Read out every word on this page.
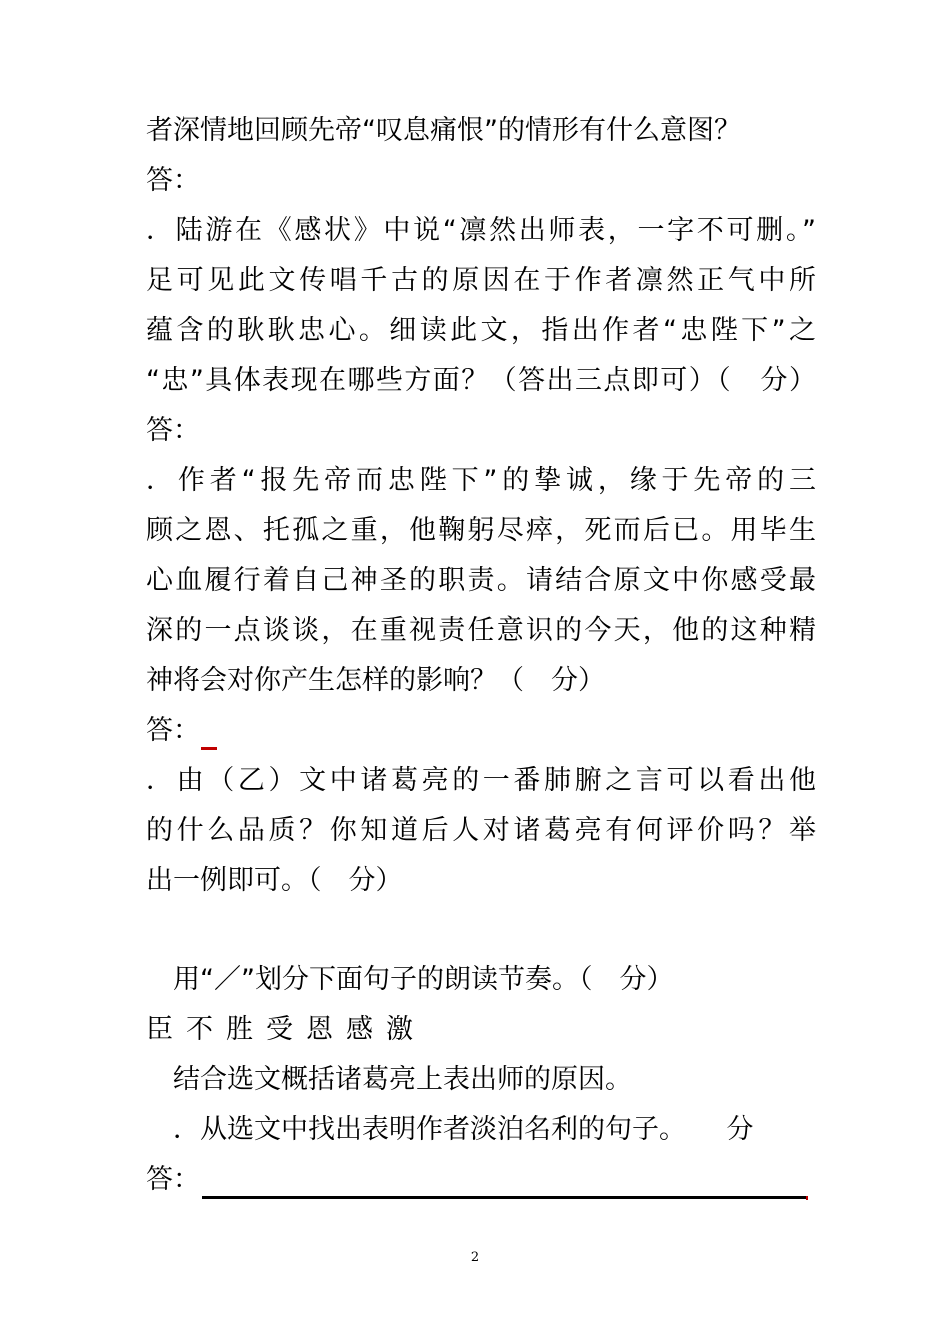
者深情地回顾先帝“叹息痛恨”的情形有什么意图？
答：
．陆游在《感状》中说“凛然出师表，一字不可删。”
足可见此文传唱千古的原因在于作者凛然正气中所
蕴含的耿耿忠心。细读此文，指出作者“忠陛下”之
“忠”具体表现在哪些方面？（答出三点即可）（　分）
答：
．作者“报先帝而忠陛下”的挚诚，缘于先帝的三
顾之恩、托孤之重，他鞠躬尽瘁，死而后已。用毕生
心血履行着自己神圣的职责。请结合原文中你感受最
深的一点谈谈，在重视责任意识的今天，他的这种精
神将会对你产生怎样的影响？（　分）
答：
．由（乙）文中诸葛亮的一番肺腑之言可以看出他
的什么品质？你知道后人对诸葛亮有何评价吗？举
出一例即可。（　分）
　用“／”划分下面句子的朗读节奏。（　分）
臣不胜受恩感激
　结合选文概括诸葛亮上表出师的原因。
　．从选文中找出表明作者淡泊名利的句子。　　分
答：
2
